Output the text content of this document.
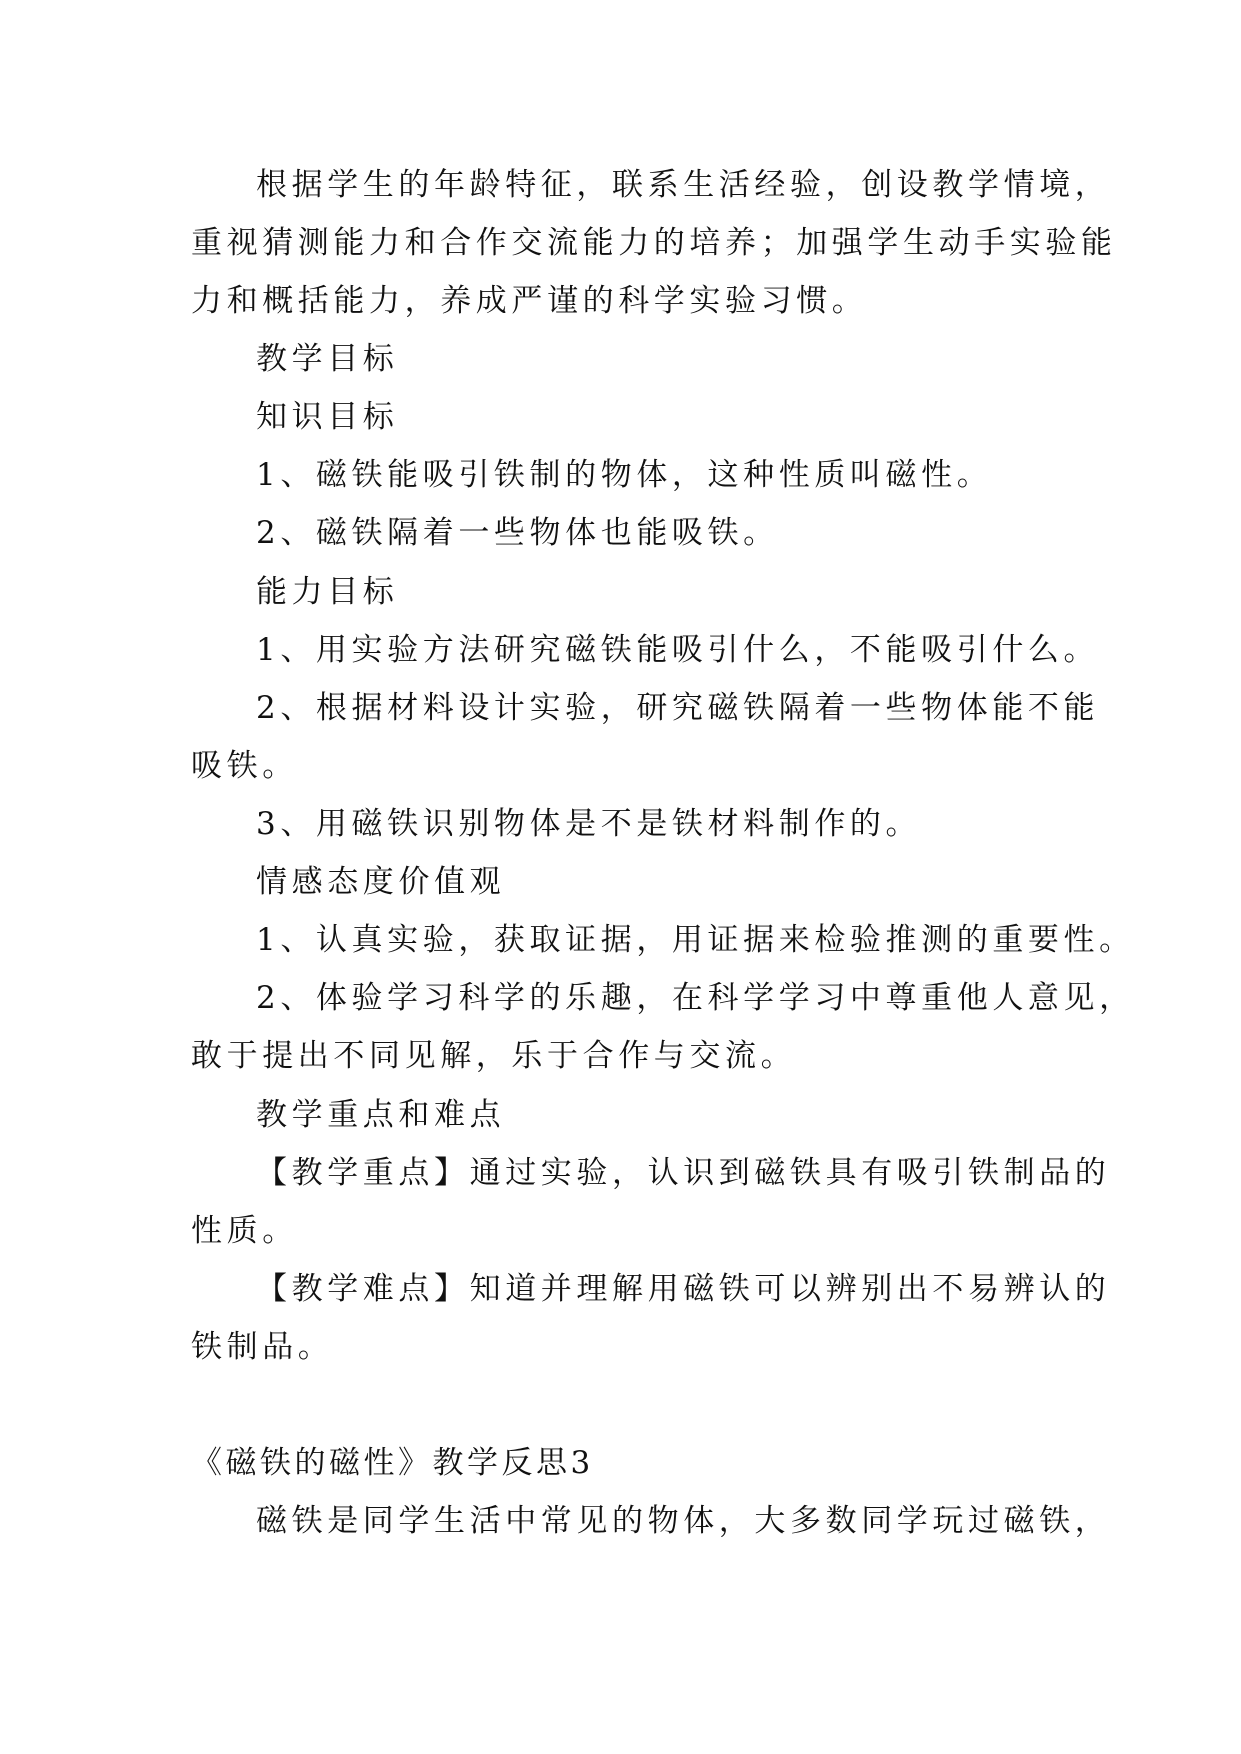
根据学生的年龄特征，联系生活经验，创设教学情境，
重视猜测能力和合作交流能力的培养；加强学生动手实验能
力和概括能力，养成严谨的科学实验习惯。
教学目标
知识目标
1、磁铁能吸引铁制的物体，这种性质叫磁性。
2、磁铁隔着一些物体也能吸铁。
能力目标
1、用实验方法研究磁铁能吸引什么，不能吸引什么。
2、根据材料设计实验，研究磁铁隔着一些物体能不能
吸铁。
3、用磁铁识别物体是不是铁材料制作的。
情感态度价值观
1、认真实验，获取证据，用证据来检验推测的重要性。
2、体验学习科学的乐趣，在科学学习中尊重他人意见，
敢于提出不同见解，乐于合作与交流。
教学重点和难点
【教学重点】通过实验，认识到磁铁具有吸引铁制品的
性质。
【教学难点】知道并理解用磁铁可以辨别出不易辨认的
铁制品。
《磁铁的磁性》教学反思3
磁铁是同学生活中常见的物体，大多数同学玩过磁铁，
